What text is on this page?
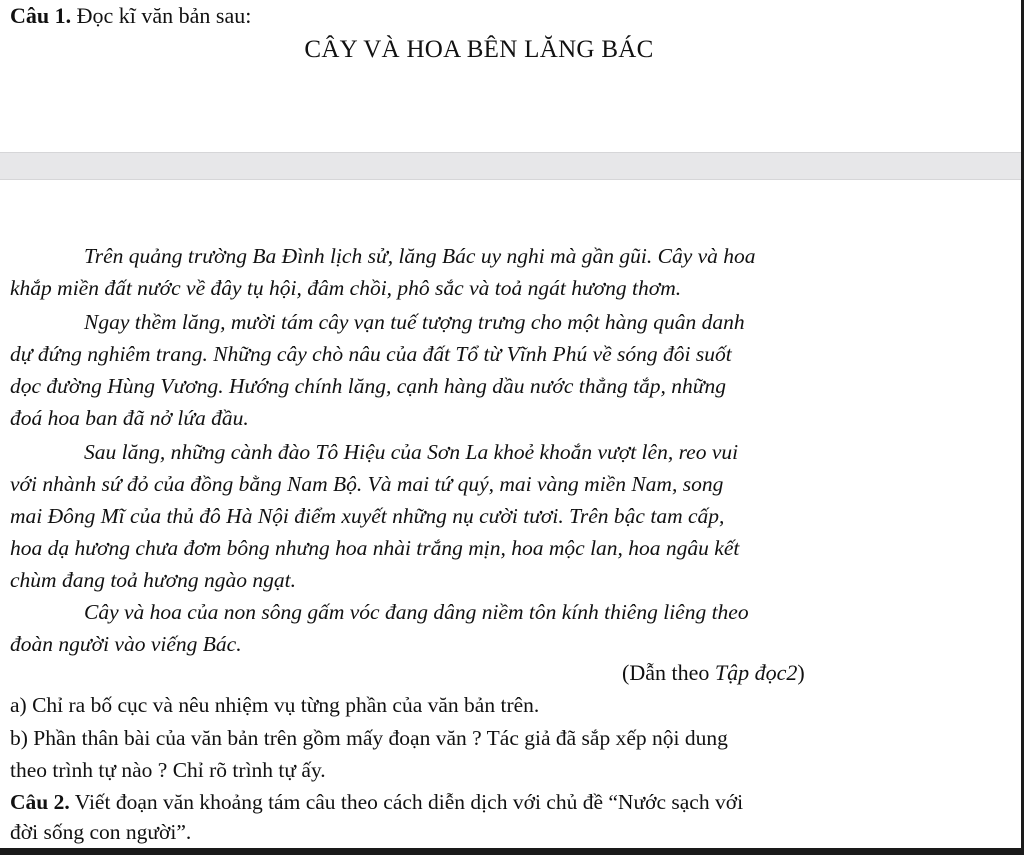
Câu 1. Đọc kĩ văn bản sau:
CÂY VÀ HOA BÊN LĂNG BÁC
Trên quảng trường Ba Đình lịch sử, lăng Bác uy nghi mà gần gũi. Cây và hoa
khắp miền đất nước về đây tụ hội, đâm chồi, phô sắc và toả ngát hương thơm.
Ngay thềm lăng, mười tám cây vạn tuế tượng trưng cho một hàng quân danh
dự đứng nghiêm trang. Những cây chò nâu của đất Tổ từ Vĩnh Phú về sóng đôi suốt
dọc đường Hùng Vương. Hướng chính lăng, cạnh hàng dầu nước thẳng tắp, những
đoá hoa ban đã nở lứa đầu.
Sau lăng, những cành đào Tô Hiệu của Sơn La khoẻ khoắn vượt lên, reo vui
với nhành sứ đỏ của đồng bằng Nam Bộ. Và mai tứ quý, mai vàng miền Nam, song
mai Đông Mĩ của thủ đô Hà Nội điểm xuyết những nụ cười tươi. Trên bậc tam cấp,
hoa dạ hương chưa đơm bông nhưng hoa nhài trắng mịn, hoa mộc lan, hoa ngâu kết
chùm đang toả hương ngào ngạt.
Cây và hoa của non sông gấm vóc đang dâng niềm tôn kính thiêng liêng theo
đoàn người vào viếng Bác.
(Dẫn theo Tập đọc2)
a) Chỉ ra bố cục và nêu nhiệm vụ từng phần của văn bản trên.
b) Phần thân bài của văn bản trên gồm mấy đoạn văn ? Tác giả đã sắp xếp nội dung
theo trình tự nào ? Chỉ rõ trình tự ấy.
Câu 2. Viết đoạn văn khoảng tám câu theo cách diễn dịch với chủ đề “Nước sạch với
đời sống con người”.
